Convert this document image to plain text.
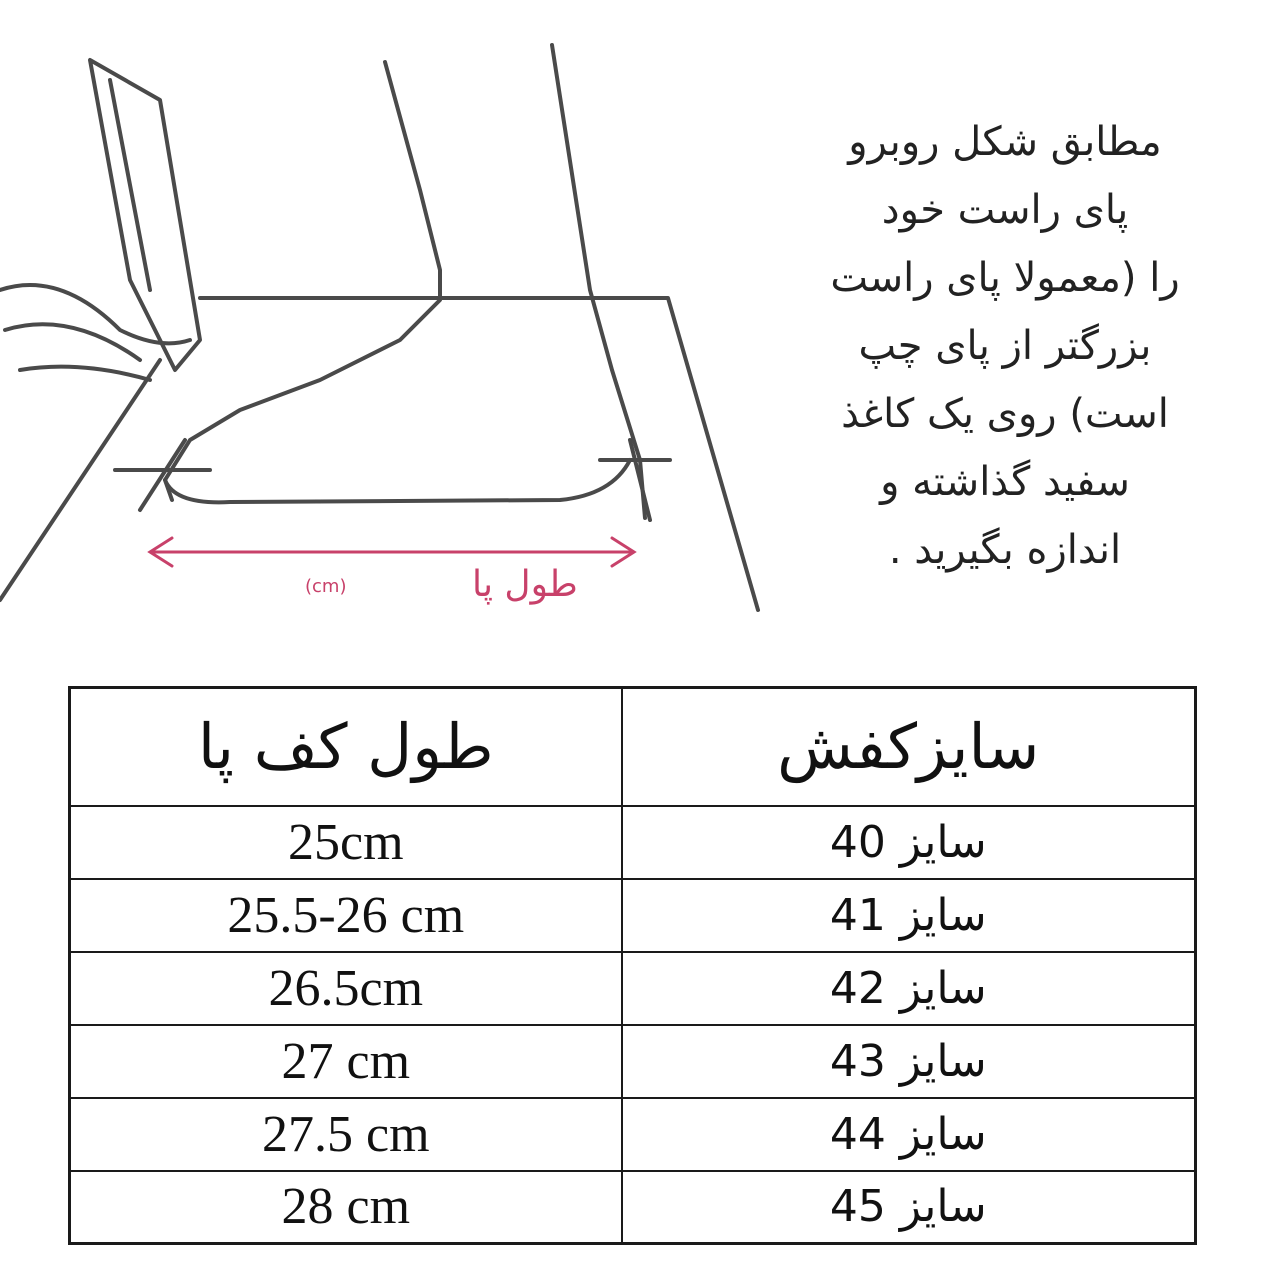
طول پا
(cm)
مطابق شکل روبرو
پای راست خود
را (معمولا پای راست
بزرگتر از پای چپ
است) روی یک کاغذ
سفید گذاشته و
اندازه بگیرید .
طول کف پا	سایزکفش
25cm	سایز 40
25.5-26 cm	سایز 41
26.5cm	سایز 42
27 cm	سایز 43
27.5 cm	سایز 44
28 cm	سایز 45
